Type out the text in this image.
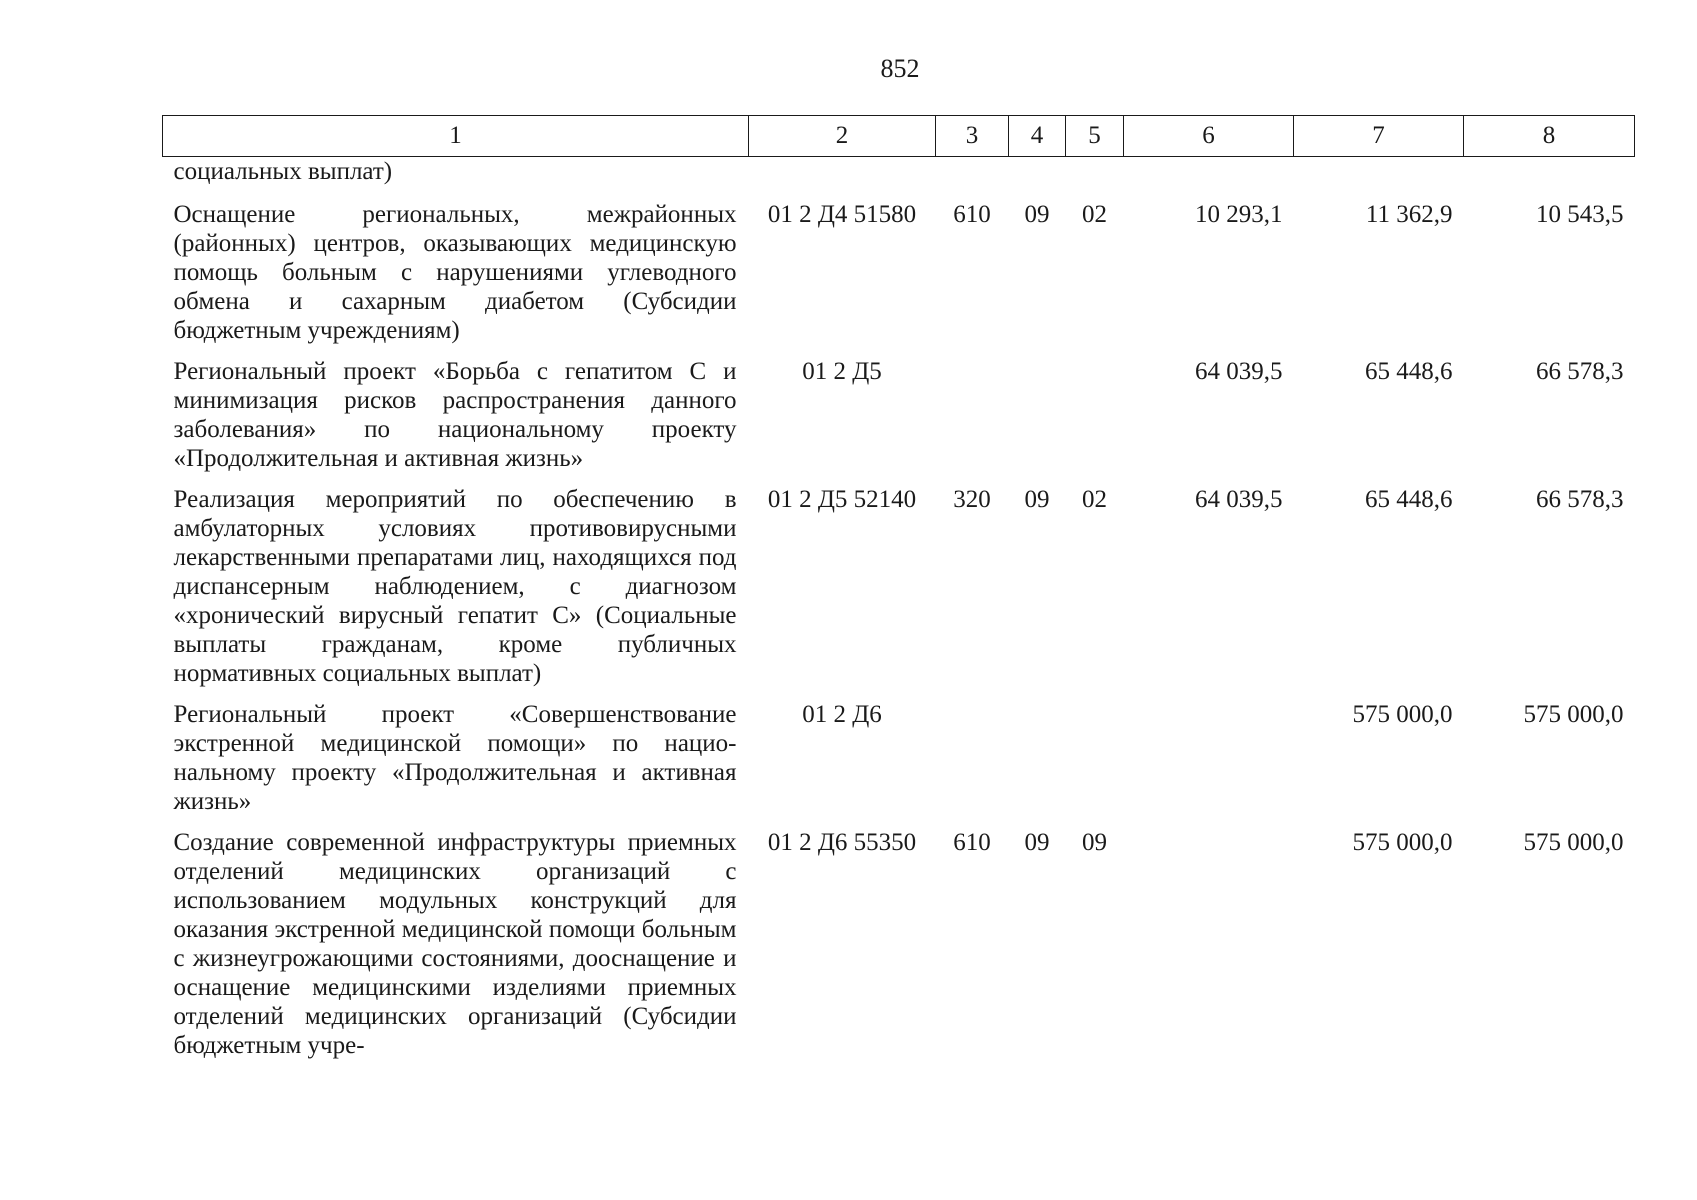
852
1	2	3	4	5	6	7	8
социальных выплат)							
Оснащение региональных, межрайонных (районных) центров, оказывающих медицинскую помощь больным с нарушениями углеводного обмена и сахарным диабетом (Субсидии бюджетным учреждениям)	01 2 Д4 51580	610	09	02	10 293,1	11 362,9	10 543,5
Региональный проект «Борьба с гепатитом С и минимизация рисков распространения данного заболевания» по национальному проекту «Продолжительная и активная жизнь»	01 2 Д5				64 039,5	65 448,6	66 578,3
Реализация мероприятий по обеспечению в амбулаторных условиях противовирусными лекарственными препаратами лиц, находящихся под диспансерным наблюдением, с диагнозом «хронический вирусный гепатит С» (Социальные выплаты гражданам, кроме публичных нормативных социальных выплат)	01 2 Д5 52140	320	09	02	64 039,5	65 448,6	66 578,3
Региональный проект «Совершенствование экстренной медицинской помощи» по национальному проекту «Продолжительная и активная жизнь»	01 2 Д6					575 000,0	575 000,0
Создание современной инфраструктуры приемных отделений медицинских организаций с использованием модульных конструкций для оказания экстренной медицинской помощи больным с жизнеугрожающими состояниями, дооснащение и оснащение медицинскими изделиями приемных отделений медицинских организаций (Субсидии бюджетным учре-	01 2 Д6 55350	610	09	09		575 000,0	575 000,0
